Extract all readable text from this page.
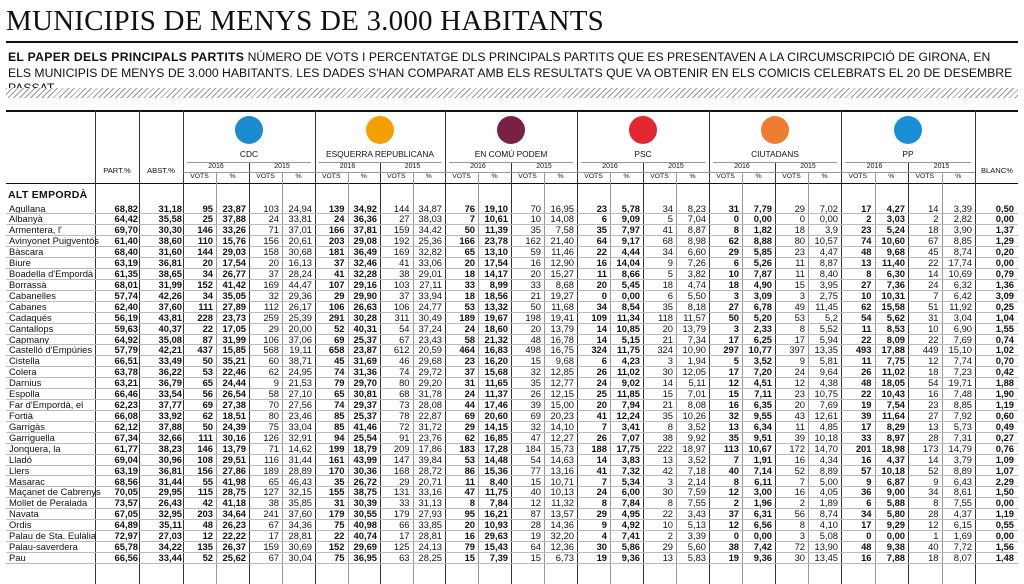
MUNICIPIS DE MENYS DE 3.000 HABITANTS
EL PAPER DELS PRINCIPALS PARTITS NÚMERO DE VOTS I PERCENTATGE DLS PRINCIPALS PARTITS QUE ES PRESENTAVEN A LA CIRCUMSCRIPCIÓ DE GIRONA, EN ELS MUNICIPIS DE MENYS DE 3.000 HABITANTS. LES DADES S'HAN COMPARAT AMB ELS RESULTATS QUE VA OBTENIR EN ELS COMICIS CELEBRATS EL 20 DE DESEMBRE
PART.%	ABST.%	BLANC%
CDC
2016	2015
VOTS	%	VOTS	%
ESQUERRA REPUBLICANA
2016	2015
VOTS	%	VOTS	%
EN COMÚ PODEM
2016	2015
VOTS	%	VOTS	%
PSC
2016	2015
VOTS	%	VOTS	%
CIUTADANS
2016	2015
VOTS	%	VOTS	%
PP
2016	2015
VOTS	%	VOTS	%
ALT EMPORDÀ
Agullana	68,82	31,18	95	23,87	103	24,94	139 34,92	144 34,87	76	19,10	70	16,95	23	5,78	34	8,23	31	7,79	29	7,02	17	4,27	14	3,39	0,50
Albanyà	64,42	35,58	25	37,88	24	33,81	24 36,36	27 38,03	7	10,61	10	14,08	6	9,09	5	7,04	0	0,00	0	0,00	2	3,03	2	2,82	0,00
Armentera, l'	69,70	30,30	146	33,26	71	37,01	166 37,81	159 34,42	50	11,39	35	7,58	35	7,97	41	8,87	8	1,82	18	3,9	23	5,24	18	3,90	1,37
Avinyonet Puigventós	61,40	38,60	110	15,76	156	20,61	203 29,08	192 25,36	166	23,78	162	21,40	64	9,17	68	8,98	62	8,88	80	10,57	74	10,60	67	8,85	1,29
Bàscara	68,40	31,60	144	29,03	158	30,68	181 36,49	169 32,82	65	13,10	59	11,46	22	4,44	34	6,60	29	5,85	23	4,47	48	9,68	45	8,74	0,20
Biure	63,19	36,81	20	17,54	20	16,13	37 32,46	41 33,06	20	17,54	16	12,90	16	14,04	9	7,26	6	5,26	11	8,87	13	11,40	22	17,74	0,00
Boadella d'Empordà	61,35	38,65	34	26,77	37	28,24	41 32,28	38 29,01	18	14,17	20	15,27	11	8,66	5	3,82	10	7,87	11	8,40	8	6,30	14	10,69	0,79
Borrassà	68,01	31,99	152	41,42	169	44,47	107 29,16	103	27,11	33	8,99	33	8,68	20	5,45	18	4,74	18	4,90	15	3,95	27	7,36	24	6,32	1,36
Cabanelles	57,74	42,26	34	35,05	32	29,36	29 29,90	37 33,94	18	18,56	21	19,27	0	0,00	6	5,50	3	3,09	3	2,75	10	10,31	7	6,42	3,09
Cabanes	62,40	37,60	111	27,89	112	26,17	106 26,63	106 24,77	53	13,32	50	11,68	34	8,54	35	8,18	27	6,78	49	11,45	62	15,58	51	11,92	0,25
Cadaqués	56,19	43,81	228	23,73	259	25,39	291 30,28	311 30,49	189	19,67	198	19,41	109	11,34	118	11,57	50	5,20	53	5,2	54	5,62	31	3,04	1,04
Cantallops	59,63	40,37	22	17,05	29	20,00	52 40,31	54 37,24	24	18,60	20	13,79	14	10,85	20	13,79	3	2,33	8	5,52	11	8,53	10	6,90	1,55
Capmany	64,92	35,08	87	31,99	106	37,06	69 25,37	67 23,43	58	21,32	48	16,78	14	5,15	21	7,34	17	6,25	17	5,94	22	8,09	22	7,69	0,74
Castelló d'Empúries	57,79	42,21	437	15,85	568	19,11	658 23,87	612 20,59	464	16,83	498	16,75	324	11,75	324	10,90	297	10,77	397	13,35	493	17,88	449	15,10	1,02
Cistella	66,51	33,49	50	35,21	60	38,71	45 31,69	46 29,68	23	16,20	15	9,68	6	4,23	3	1,94	5	3,52	9	5,81	11	7,75	12	7,74	0,70
Colera	63,78	36,22	53	22,46	62	24,95	74 31,36	74 29,72	37	15,68	32	12,85	26	11,02	30	12,05	17	7,20	24	9,64	26	11,02	18	7,23	0,42
Darnius	63,21	36,79	65	24,44	9	21,53	79 29,70	80 29,20	31	11,65	35	12,77	24	9,02	14	5,11	12	4,51	12	4,38	48	18,05	54	19,71	1,88
Espolla	66,46	33,54	56	26,54	58	27,10	65 30,81	68 31,78	24	11,37	26	12,15	25	11,85	15	7,01	15	7,11	23	10,75	22	10,43	16	7,48	1,90
Far d'Empordà, el	62,23	37,77	69	27,38	70	27,56	74 29,37	73 28,08	44	17,46	39	15,00	20	7,94	21	8,08	16	6,35	20	7,69	19	7,54	23	8,85	1,19
Fortià	66,08	33,92	62	18,51	80	23,46	85 25,37	78 22,87	69	20,60	69	20,23	41	12,24	35	10,26	32	9,55	43	12,61	39	11,64	27	7,92	0,60
Garrigàs	62,12	37,88	50	24,39	75	33,04	85 41,46	72 31,72	29	14,15	32	14,10	7	3,41	8	3,52	13	6,34	11	4,85	17	8,29	13	5,73	0,49
Garriguella	67,34	32,66	111	30,16	126	32,91	94 25,54	91 23,76	62	16,85	47	12,27	26	7,07	38	9,92	35	9,51	39	10,18	33	8,97	28	7,31	0,27
Jonquera, la	61,77	38,23	146	13,79	71	14,62	199 18,79	209 17,86	183	17,28	184	15,73	188	17,75	222	18,97	113	10,67	172	14,70	201	18,98	173	14,79	0,76
Lladó	69,04	30,96	108	29,51	116	31,44	161 43,99	147 39,84	53	14,48	54	14,63	14	3,83	13	3,52	7	1,91	16	4,34	16	4,37	14	3,79	1,09
Llers	63,19	36,81	156	27,86	189	28,89	170 30,36	168 28,72	86	15,36	77	13,16	41	7,32	42	7,18	40	7,14	52	8,89	57	10,18	52	8,89	1,07
Masarac	68,56	31,44	55	41,98	65	46,43	35 26,72	29 20,71	11	8,40	15	10,71	7	5,34	3	2,14	8	6,11	7	5,00	9	6,87	9	6,43	2,29
Maçanet de Cabrenys	70,05	29,95	115	28,75	127	32,15	155 38,75	131 33,16	47	11,75	40	10,13	24	6,00	30	7,59	12	3,00	16	4,05	36	9,00	34	8,61	1,50
Mollet de Peralada	73,57	26,43	42	41,18	38	35,85	31 30,39	33 31,13	8	7,84	12	11,32	8	7,84	8	7,55	2	1,96	2	1,89	6	5,88	8	7,55	0,00
Navata	67,05	32,95	203	34,64	241	37,60	179 30,55	179 27,93	95	16,21	87	13,57	29	4,95	22	3,43	37	6,31	56	8,74	34	5,80	28	4,37	1,19
Ordis	64,89	35,11	48	26,23	67	34,36	75 40,98	66 33,85	20	10,93	28	14,36	9	4,92	10	5,13	12	6,56	8	4,10	17	9,29	12	6,15	0,55
Palau de Sta. Eulàlia	72,97	27,03	12	22,22	17	28,81	22 40,74	17 28,81	16	29,63	19	32,20	4	7,41	2	3,39	0	0,00	3	5,08	0	0,00	1	1,69	0,00
Palau-saverdera	65,78	34,22	135	26,37	159	30,69	152 29,69	125 24,13	79	15,43	64	12,36	30	5,86	29	5,60	38	7,42	72	13,90	48	9,38	40	7,72	1,56
Pau	66,56	33,44	52	25,62	67	30,04	75 36,95	63 28,25	15	7,39	15	6,73	19	9,36	13	5,83	19	9,36	30	13,45	16	7,88	18	8,07	1,48
